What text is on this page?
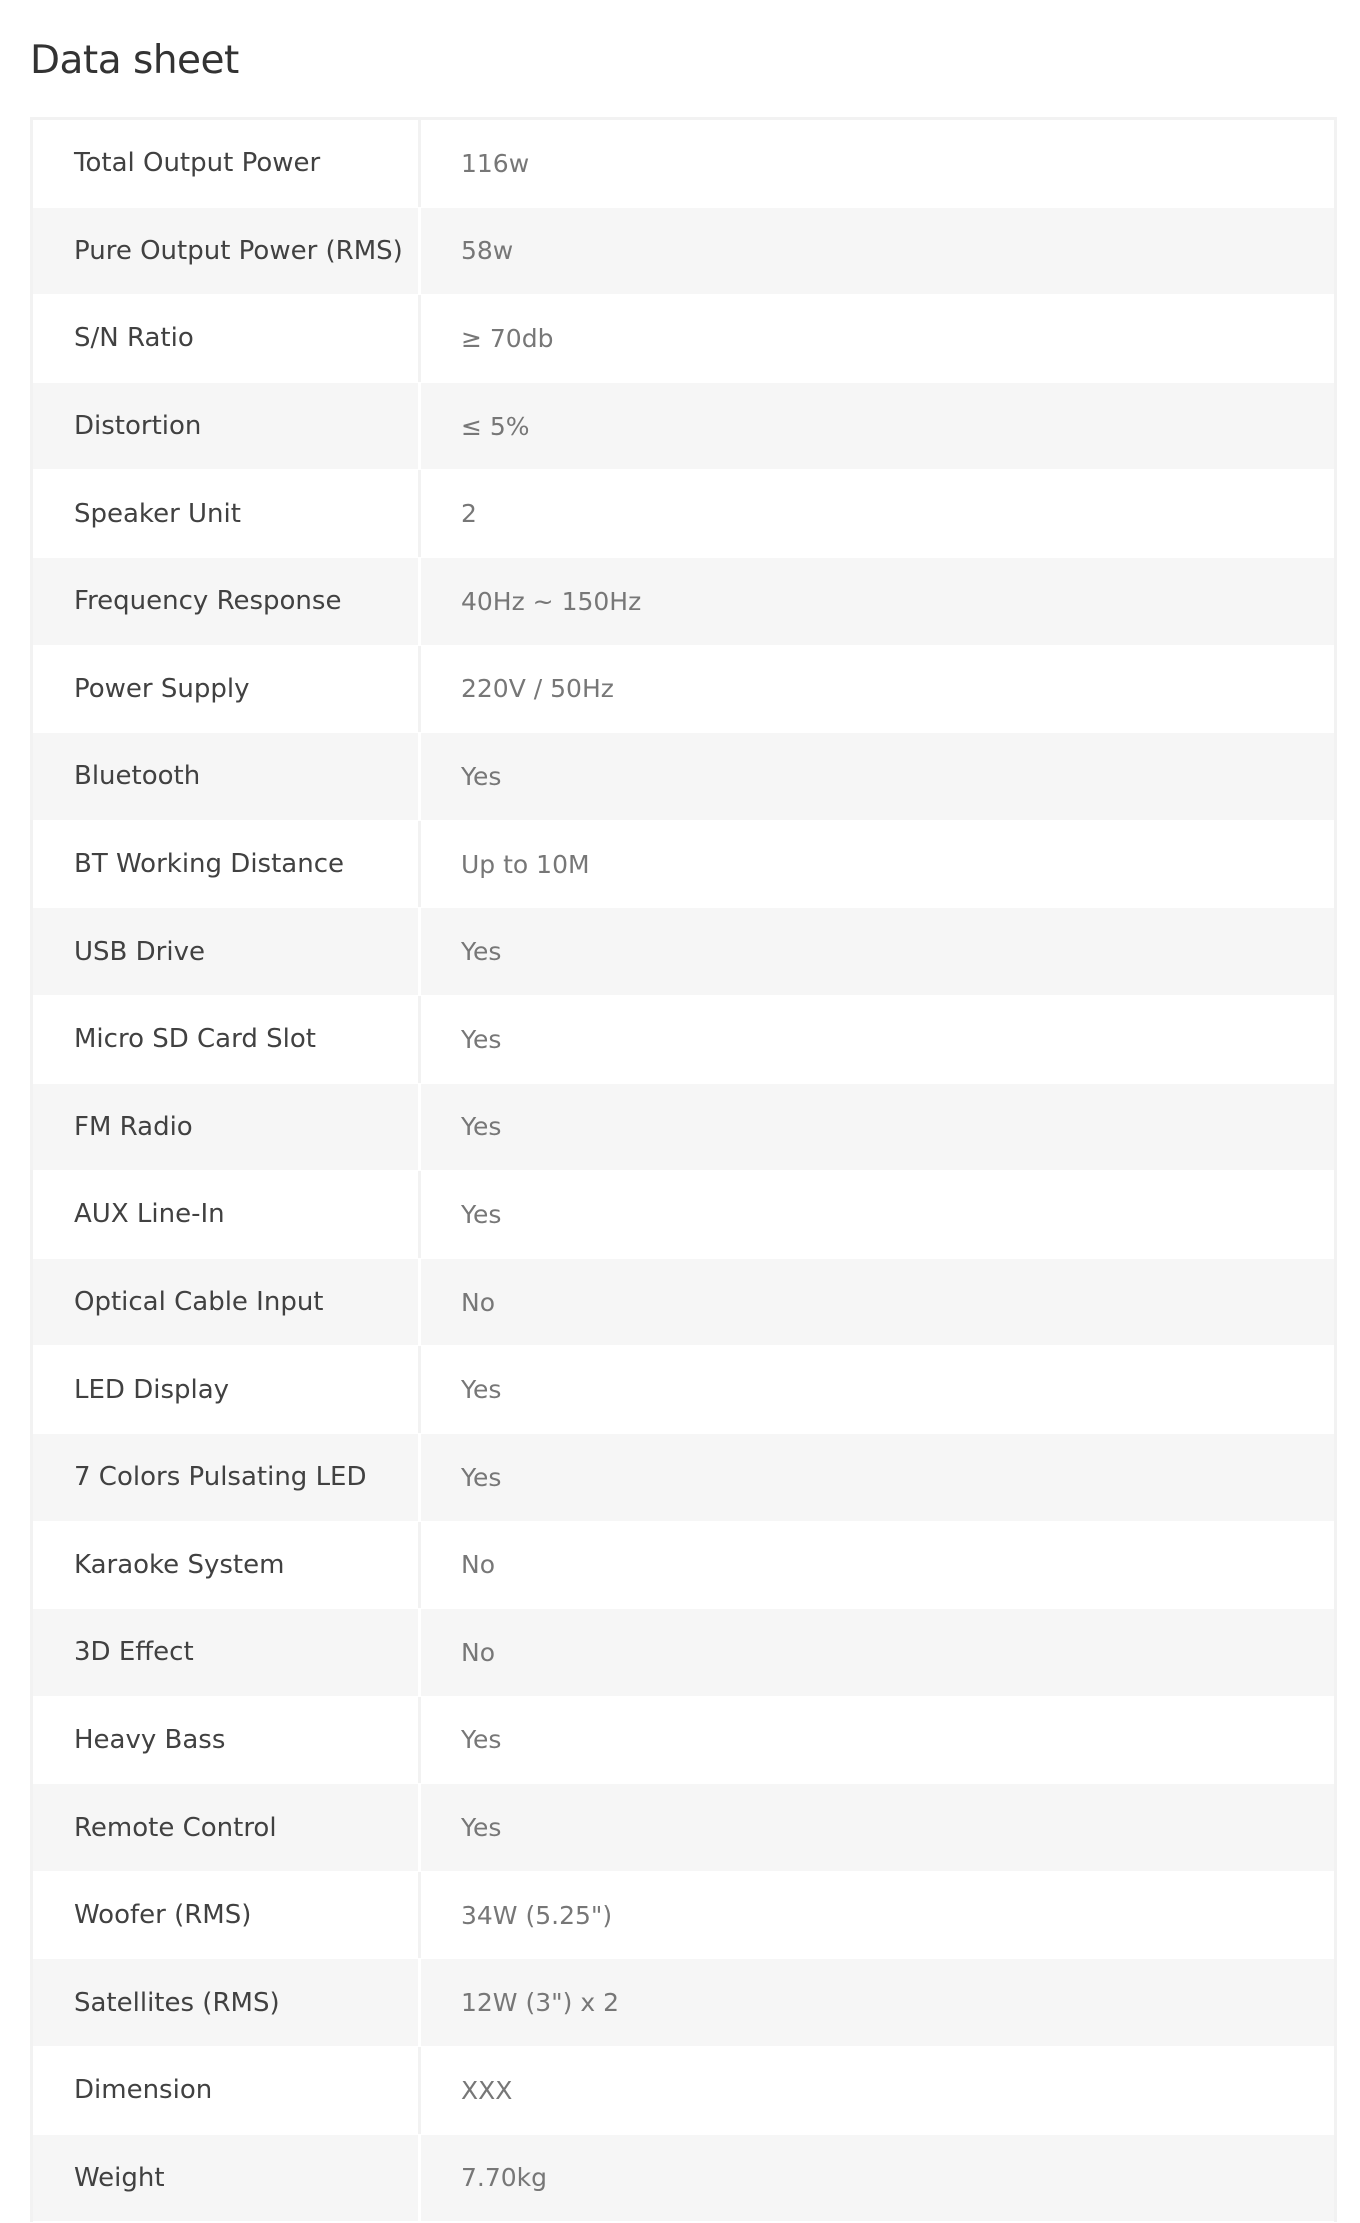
Data sheet
Total Output Power	116w
Pure Output Power (RMS)	58w
S/N Ratio	≥ 70db
Distortion	≤ 5%
Speaker Unit	2
Frequency Response	40Hz ~ 150Hz
Power Supply	220V / 50Hz
Bluetooth	Yes
BT Working Distance	Up to 10M
USB Drive	Yes
Micro SD Card Slot	Yes
FM Radio	Yes
AUX Line-In	Yes
Optical Cable Input	No
LED Display	Yes
7 Colors Pulsating LED	Yes
Karaoke System	No
3D Effect	No
Heavy Bass	Yes
Remote Control	Yes
Woofer (RMS)	34W (5.25")
Satellites (RMS)	12W (3") x 2
Dimension	XXX
Weight	7.70kg
